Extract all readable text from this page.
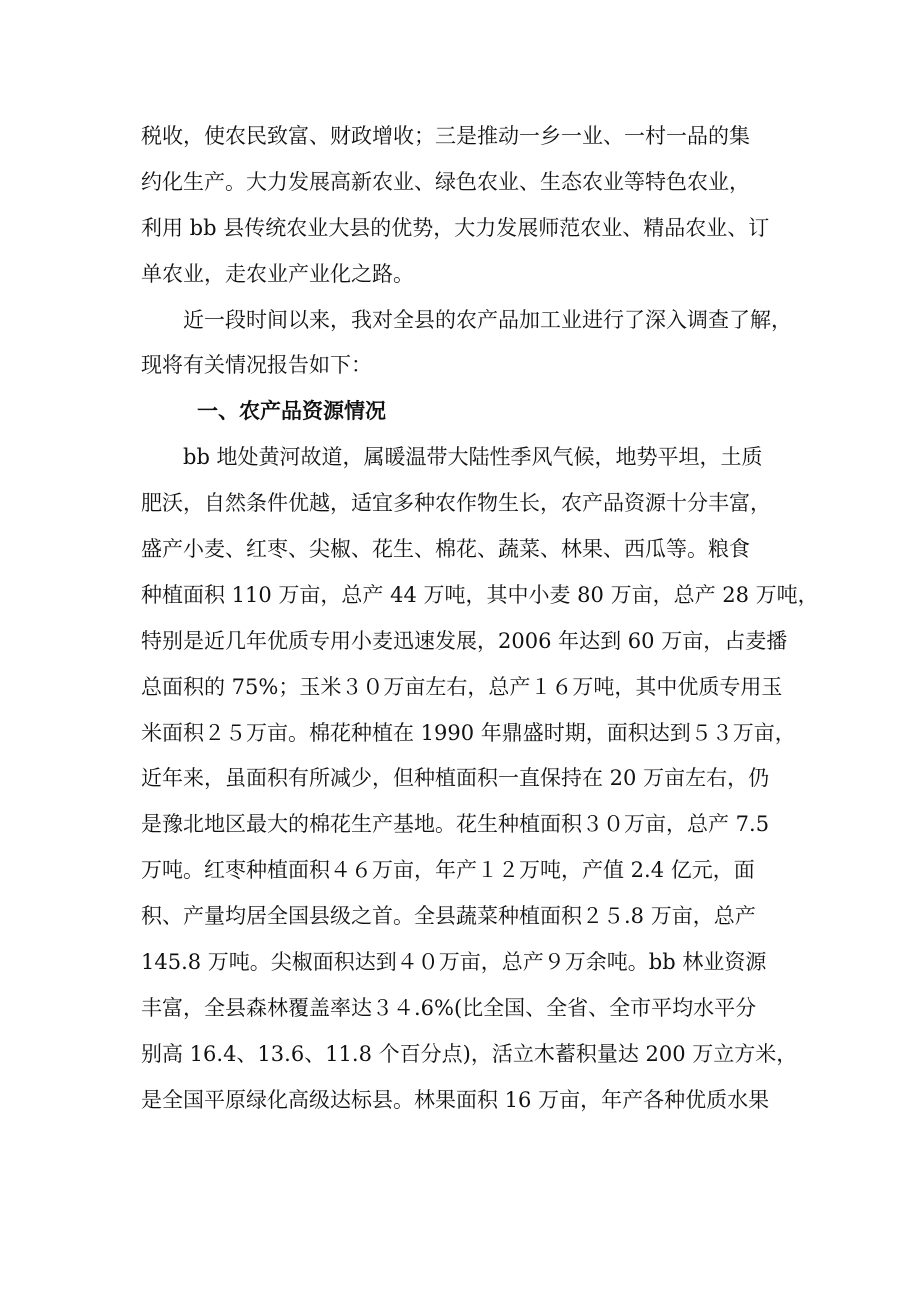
税收，使农民致富、财政增收；三是推动一乡一业、一村一品的集
约化生产。大力发展高新农业、绿色农业、生态农业等特色农业，
利用 bb 县传统农业大县的优势，大力发展师范农业、精品农业、订
单农业，走农业产业化之路。
近一段时间以来，我对全县的农产品加工业进行了深入调查了解，
现将有关情况报告如下：
一、农产品资源情况
bb 地处黄河故道，属暖温带大陆性季风气候，地势平坦，土质
肥沃，自然条件优越，适宜多种农作物生长，农产品资源十分丰富，
盛产小麦、红枣、尖椒、花生、棉花、蔬菜、林果、西瓜等。粮食
种植面积 110 万亩，总产 44 万吨，其中小麦 80 万亩，总产 28 万吨，
特别是近几年优质专用小麦迅速发展，2006 年达到 60 万亩，占麦播
总面积的 75%；玉米３０万亩左右，总产１６万吨，其中优质专用玉
米面积２５万亩。棉花种植在 1990 年鼎盛时期，面积达到５３万亩，
近年来，虽面积有所减少，但种植面积一直保持在 20 万亩左右，仍
是豫北地区最大的棉花生产基地。花生种植面积３０万亩，总产 7.5
万吨。红枣种植面积４６万亩，年产１２万吨，产值 2.4 亿元，面
积、产量均居全国县级之首。全县蔬菜种植面积２５.8 万亩，总产
145.8 万吨。尖椒面积达到４０万亩，总产９万余吨。bb 林业资源
丰富，全县森林覆盖率达３４.6%(比全国、全省、全市平均水平分
别高 16.4、13.6、11.8 个百分点)，活立木蓄积量达 200 万立方米，
是全国平原绿化高级达标县。林果面积 16 万亩，年产各种优质水果
